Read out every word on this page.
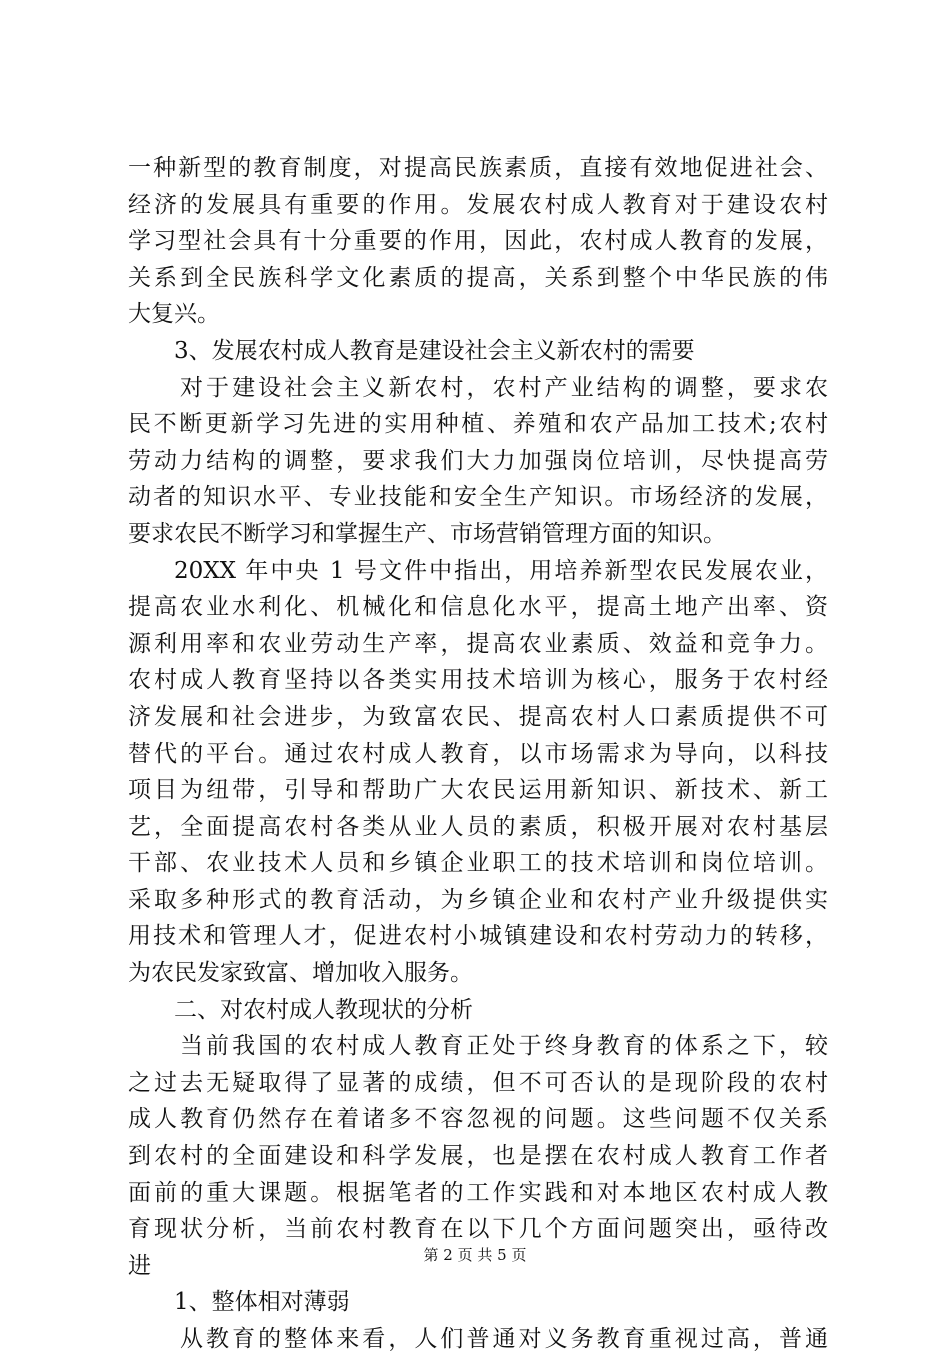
一种新型的教育制度，对提高民族素质，直接有效地促进社会、
经济的发展具有重要的作用。发展农村成人教育对于建设农村
学习型社会具有十分重要的作用，因此，农村成人教育的发展，
关系到全民族科学文化素质的提高，关系到整个中华民族的伟
大复兴。
3、发展农村成人教育是建设社会主义新农村的需要
对于建设社会主义新农村，农村产业结构的调整，要求农
民不断更新学习先进的实用种植、养殖和农产品加工技术;农村
劳动力结构的调整，要求我们大力加强岗位培训，尽快提高劳
动者的知识水平、专业技能和安全生产知识。市场经济的发展，
要求农民不断学习和掌握生产、市场营销管理方面的知识。
20XX 年中央 1 号文件中指出，用培养新型农民发展农业，
提高农业水利化、机械化和信息化水平，提高土地产出率、资
源利用率和农业劳动生产率，提高农业素质、效益和竞争力。
农村成人教育坚持以各类实用技术培训为核心，服务于农村经
济发展和社会进步，为致富农民、提高农村人口素质提供不可
替代的平台。通过农村成人教育，以市场需求为导向，以科技
项目为纽带，引导和帮助广大农民运用新知识、新技术、新工
艺，全面提高农村各类从业人员的素质，积极开展对农村基层
干部、农业技术人员和乡镇企业职工的技术培训和岗位培训。
采取多种形式的教育活动，为乡镇企业和农村产业升级提供实
用技术和管理人才，促进农村小城镇建设和农村劳动力的转移，
为农民发家致富、增加收入服务。
二、对农村成人教现状的分析
当前我国的农村成人教育正处于终身教育的体系之下，较
之过去无疑取得了显著的成绩，但不可否认的是现阶段的农村
成人教育仍然存在着诸多不容忽视的问题。这些问题不仅关系
到农村的全面建设和科学发展，也是摆在农村成人教育工作者
面前的重大课题。根据笔者的工作实践和对本地区农村成人教
育现状分析，当前农村教育在以下几个方面问题突出，亟待改
进
1、整体相对薄弱
从教育的整体来看，人们普通对义务教育重视过高，普通
第 2 页 共 5 页
